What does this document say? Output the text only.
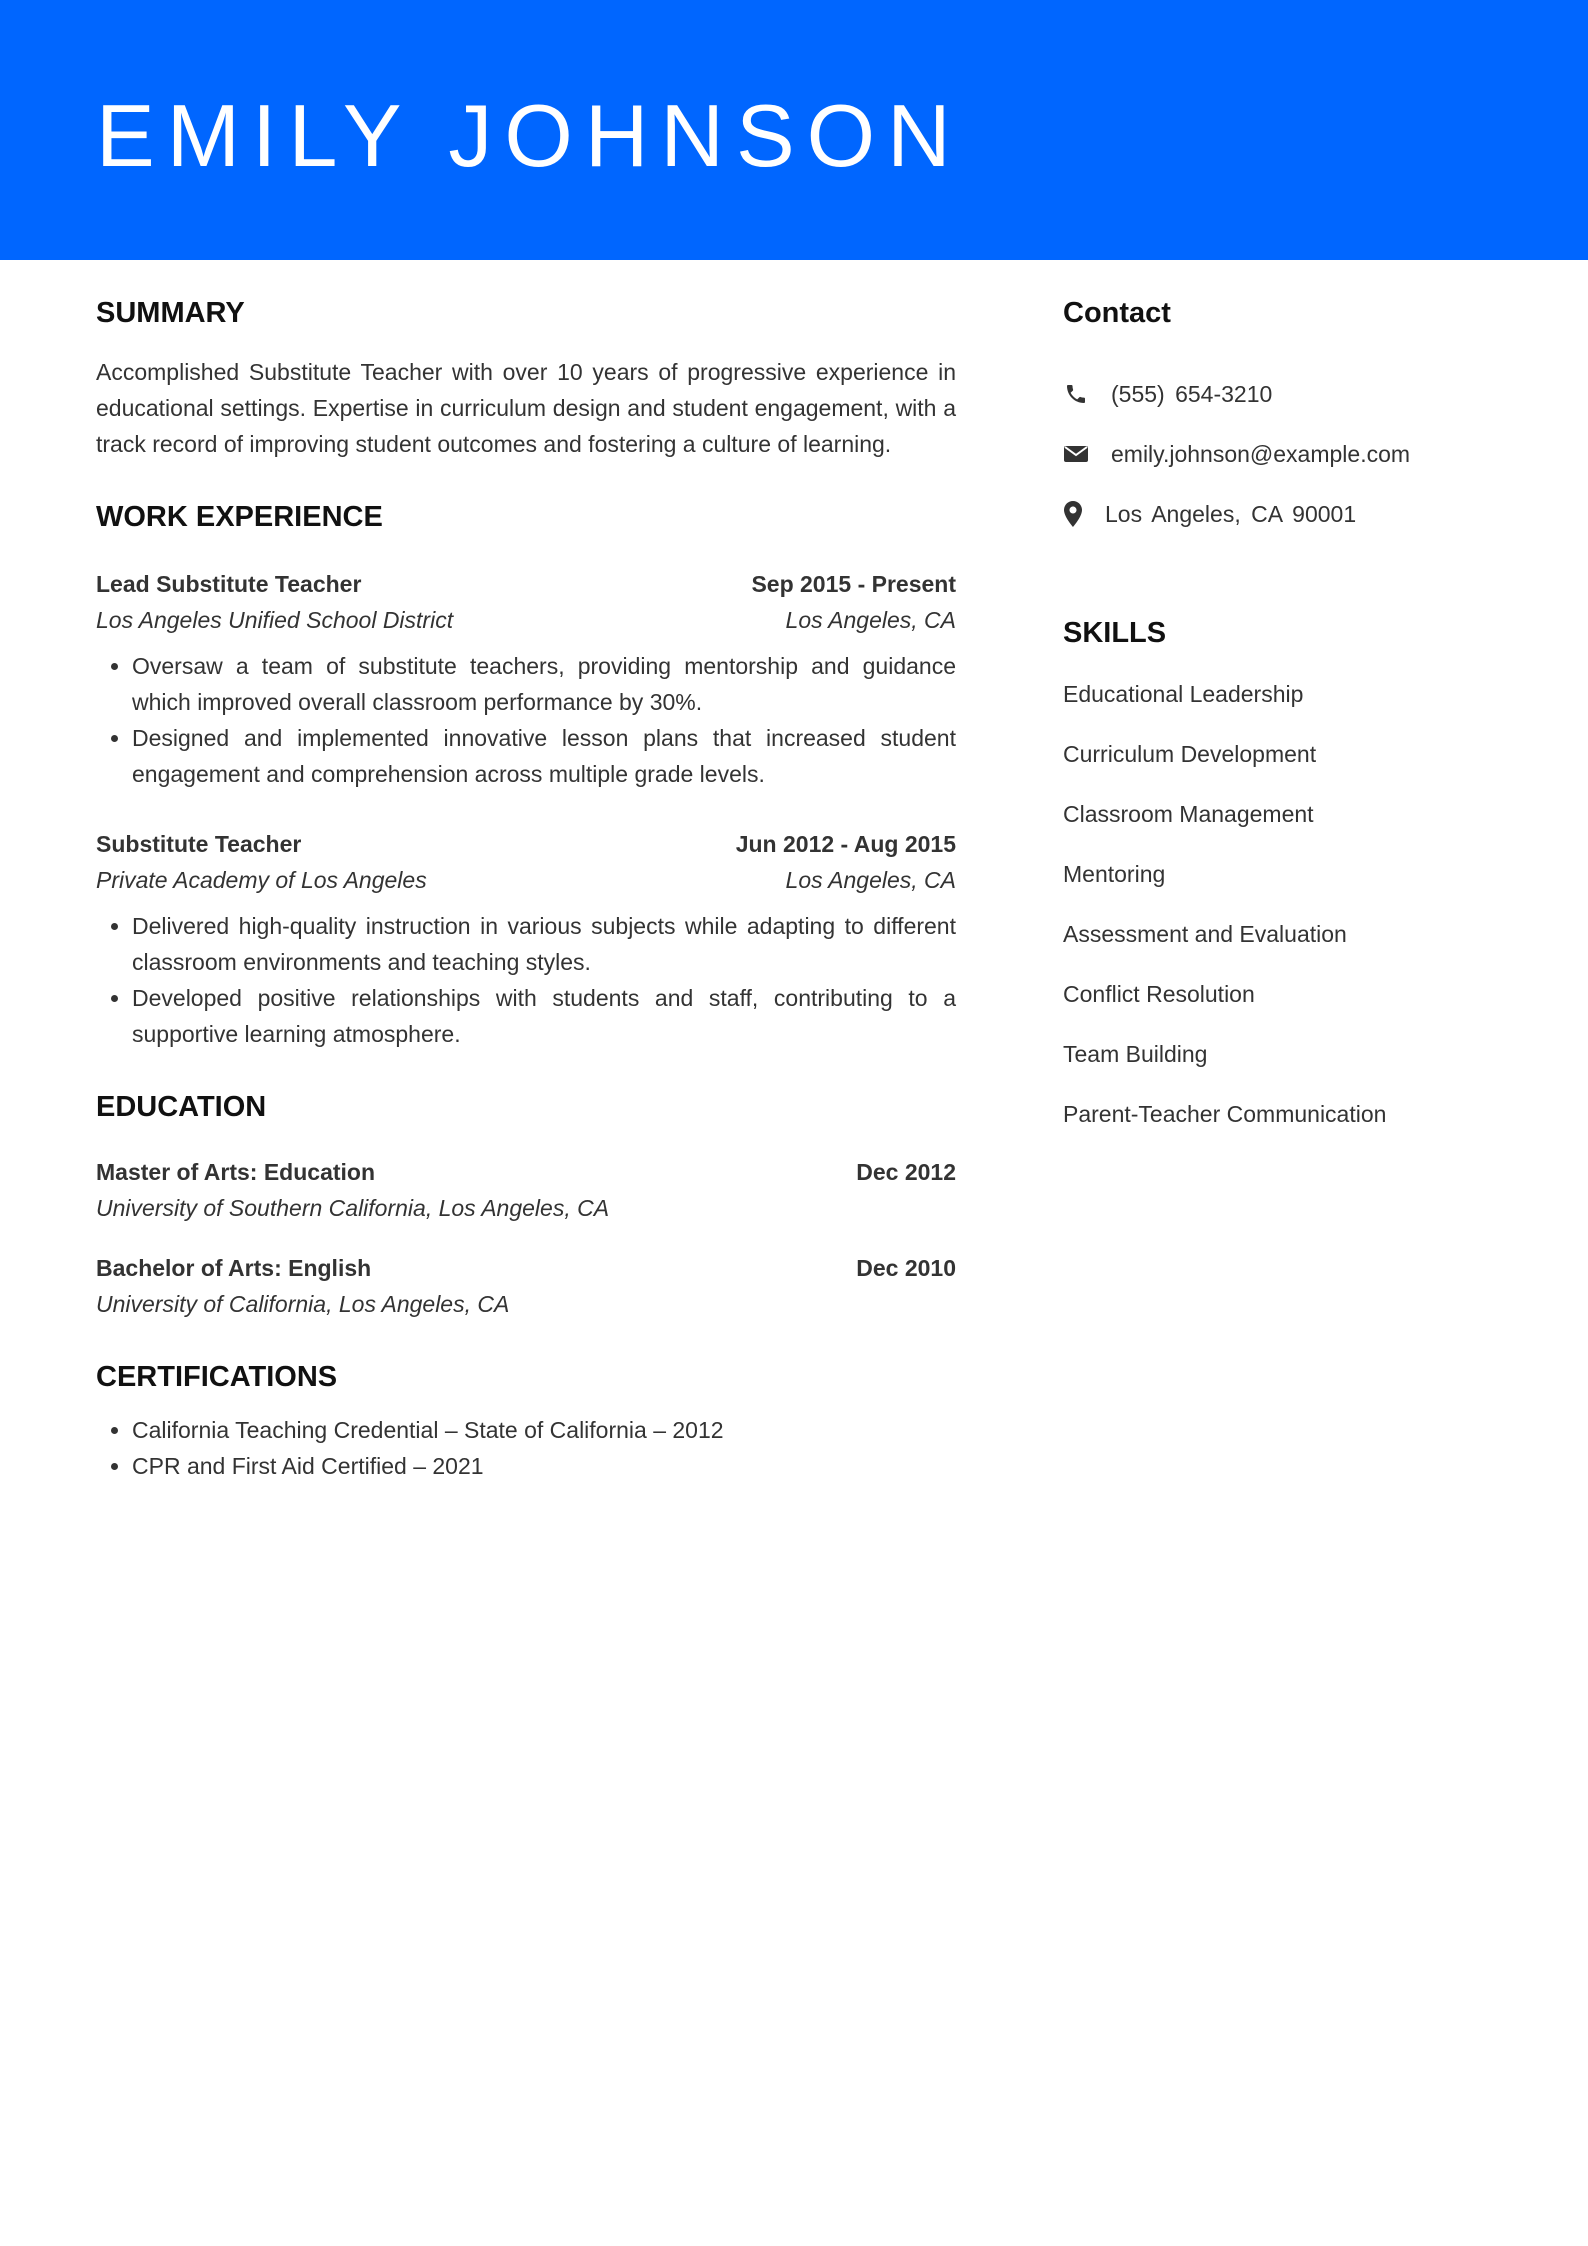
EMILY JOHNSON
SUMMARY

Accomplished Substitute Teacher with over 10 years of progressive experience in educational settings. Expertise in curriculum design and student engagement, with a track record of improving student outcomes and fostering a culture of learning.

WORK EXPERIENCE
Lead Substitute Teacher	Sep 2015 - Present
Los Angeles Unified School District	Los Angeles, CA
• Oversaw a team of substitute teachers, providing mentorship and guidance which improved overall classroom performance by 30%.
• Designed and implemented innovative lesson plans that increased student engagement and comprehension across multiple grade levels.
Substitute Teacher	Jun 2012 - Aug 2015
Private Academy of Los Angeles	Los Angeles, CA
• Delivered high-quality instruction in various subjects while adapting to different classroom environments and teaching styles.
• Developed positive relationships with students and staff, contributing to a supportive learning atmosphere.
EDUCATION
Master of Arts: Education	Dec 2012
University of Southern California, Los Angeles, CA
Bachelor of Arts: English	Dec 2010
University of California, Los Angeles, CA
CERTIFICATIONS
• California Teaching Credential – State of California – 2012
• CPR and First Aid Certified – 2021
Contact
(555) 654-3210
emily.johnson@example.com
Los Angeles, CA 90001
SKILLS
Educational Leadership
Curriculum Development
Classroom Management
Mentoring
Assessment and Evaluation
Conflict Resolution
Team Building
Parent-Teacher Communication
